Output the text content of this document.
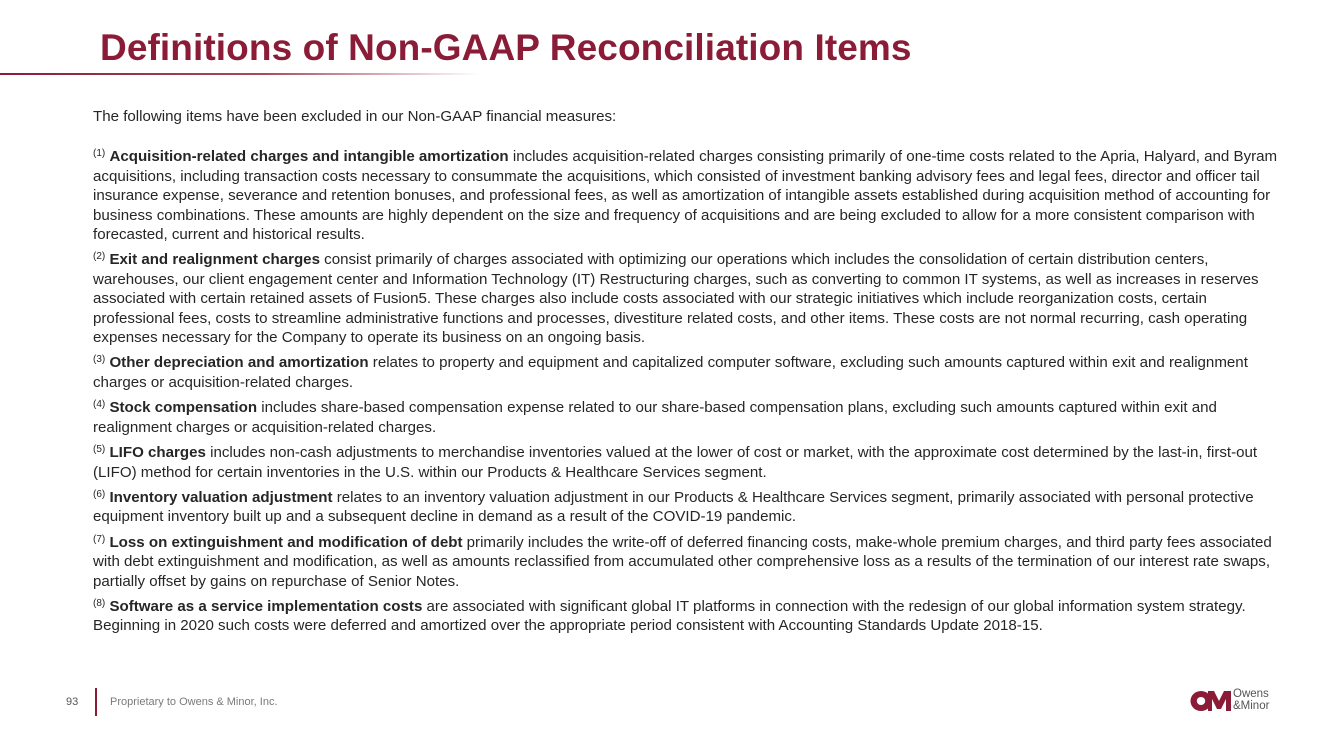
Definitions of Non-GAAP Reconciliation Items

The following items have been excluded in our Non-GAAP financial measures:

$^{(1)}$ Acquisition-related charges and intangible amortization includes acquisition-related charges consisting primarily of one-time costs related to the Apria, Halyard, and Byram acquisitions, including transaction costs necessary to consummate the acquisitions, which consisted of investment banking advisory fees and legal fees, director and officer tail insurance expense, severance and retention bonuses, and professional fees, as well as amortization of intangible assets established during acquisition method of accounting for business combinations. These amounts are highly dependent on the size and frequency of acquisitions and are being excluded to allow for a more consistent comparison with forecasted, current and historical results.

$^{(2)}$ Exit and realignment charges consist primarily of charges associated with optimizing our operations which includes the consolidation of certain distribution centers, warehouses, our client engagement center and Information Technology (IT) Restructuring charges, such as converting to common IT systems, as well as increases in reserves associated with certain retained assets of Fusion5. These charges also include costs associated with our strategic initiatives which include reorganization costs, certain professional fees, costs to streamline administrative functions and processes, divestiture related costs, and other items. These costs are not normal recurring, cash operating expenses necessary for the Company to operate its business on an ongoing basis.

$^{(3)}$ Other depreciation and amortization relates to property and equipment and capitalized computer software, excluding such amounts captured within exit and realignment charges or acquisition-related charges.

$^{(4)}$ Stock compensation includes share-based compensation expense related to our share-based compensation plans, excluding such amounts captured within exit and realignment charges or acquisition-related charges.

$^{(5)}$ LIFO charges includes non-cash adjustments to merchandise inventories valued at the lower of cost or market, with the approximate cost determined by the last-in, first-out (LIFO) method for certain inventories in the U.S. within our Products & Healthcare Services segment.

$^{(6)}$ Inventory valuation adjustment relates to an inventory valuation adjustment in our Products & Healthcare Services segment, primarily associated with personal protective equipment inventory built up and a subsequent decline in demand as a result of the COVID-19 pandemic.

$^{(7)}$ Loss on extinguishment and modification of debt primarily includes the write-off of deferred financing costs, make-whole premium charges, and third party fees associated with debt extinguishment and modification, as well as amounts reclassified from accumulated other comprehensive loss as a results of the termination of our interest rate swaps, partially offset by gains on repurchase of Senior Notes.

$^{(8)}$ Software as a service implementation costs are associated with significant global IT platforms in connection with the redesign of our global information system strategy. Beginning in 2020 such costs were deferred and amortized over the appropriate period consistent with Accounting Standards Update 2018-15.

93	Proprietary to Owens & Minor, Inc.
Owens
&Minor
